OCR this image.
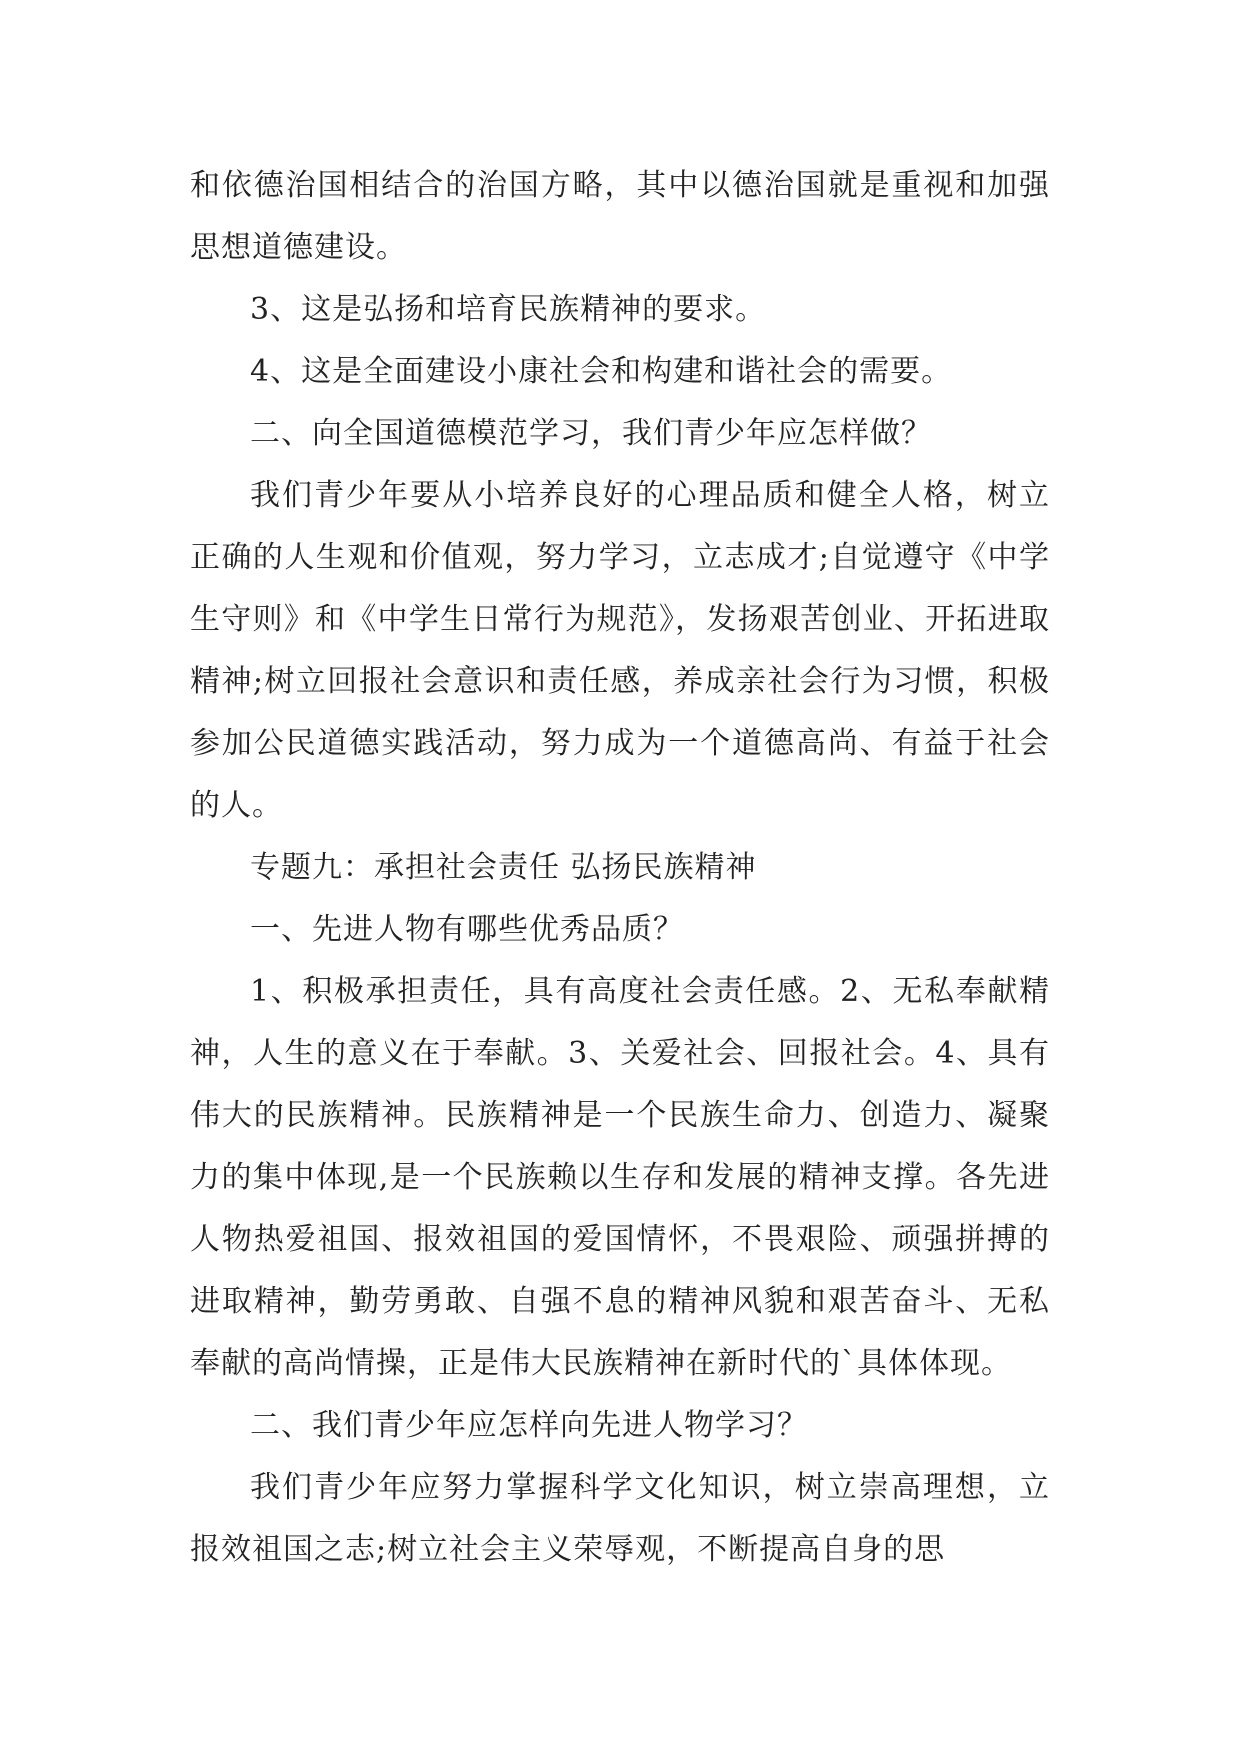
和依德治国相结合的治国方略，其中以德治国就是重视和加强思想道德建设。

3、这是弘扬和培育民族精神的要求。

4、这是全面建设小康社会和构建和谐社会的需要。

二、向全国道德模范学习，我们青少年应怎样做？

我们青少年要从小培养良好的心理品质和健全人格，树立正确的人生观和价值观，努力学习，立志成才;自觉遵守《中学生守则》和《中学生日常行为规范》，发扬艰苦创业、开拓进取精神;树立回报社会意识和责任感，养成亲社会行为习惯，积极参加公民道德实践活动，努力成为一个道德高尚、有益于社会的人。

专题九：承担社会责任 弘扬民族精神

一、先进人物有哪些优秀品质？

1、积极承担责任，具有高度社会责任感。2、无私奉献精神，人生的意义在于奉献。3、关爱社会、回报社会。4、具有伟大的民族精神。民族精神是一个民族生命力、创造力、凝聚力的集中体现,是一个民族赖以生存和发展的精神支撑。各先进人物热爱祖国、报效祖国的爱国情怀，不畏艰险、顽强拼搏的进取精神，勤劳勇敢、自强不息的精神风貌和艰苦奋斗、无私奉献的高尚情操，正是伟大民族精神在新时代的`具体体现。

二、我们青少年应怎样向先进人物学习？

我们青少年应努力掌握科学文化知识，树立崇高理想，立报效祖国之志;树立社会主义荣辱观，不断提高自身的思
